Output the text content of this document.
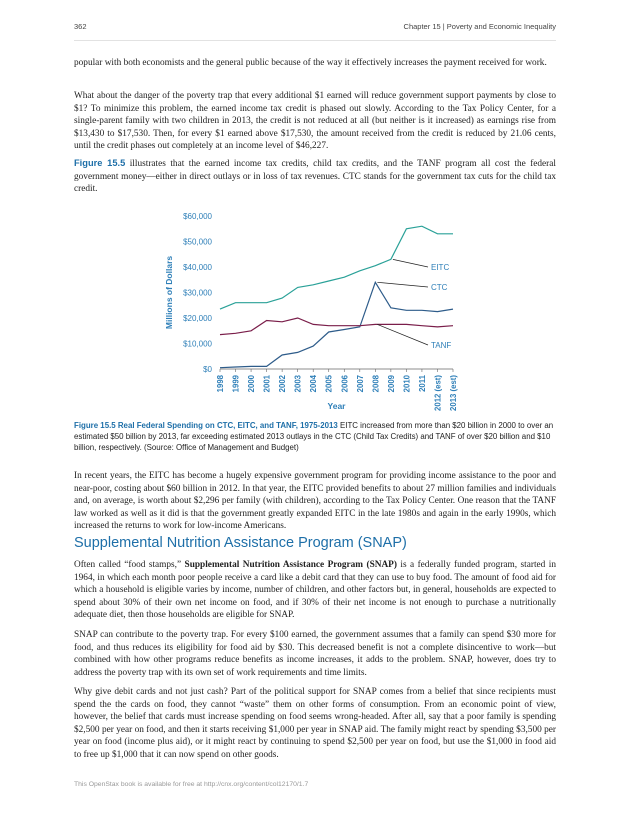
362	Chapter 15 | Poverty and Economic Inequality

popular with both economists and the general public because of the way it effectively increases the payment received for work.

What about the danger of the poverty trap that every additional $1 earned will reduce government support payments by close to $1? To minimize this problem, the earned income tax credit is phased out slowly. According to the Tax Policy Center, for a single-parent family with two children in 2013, the credit is not reduced at all (but neither is it increased) as earnings rise from $13,430 to $17,530. Then, for every $1 earned above $17,530, the amount received from the credit is reduced by 21.06 cents, until the credit phases out completely at an income level of $46,227.

Figure 15.5 illustrates that the earned income tax credits, child tax credits, and the TANF program all cost the federal government money—either in direct outlays or in loss of tax revenues. CTC stands for the government tax cuts for the child tax credit.

$0
$10,000
$20,000
$30,000
$40,000
$50,000
$60,000
1998 1999 2000 2001 2002 2003 2004 2005 2006 2007 2008 2009 2010 2011 2012 (est) 2013 (est)
EITC
CTC
TANF
Millions of Dollars
Year
Figure 15.5 Real Federal Spending on CTC, EITC, and TANF, 1975-2013 EITC increased from more than $20 billion in 2000 to over an estimated $50 billion by 2013, far exceeding estimated 2013 outlays in the CTC (Child Tax Credits) and TANF of over $20 billion and $10 billion, respectively. (Source: Office of Management and Budget)

In recent years, the EITC has become a hugely expensive government program for providing income assistance to the poor and near-poor, costing about $60 billion in 2012. In that year, the EITC provided benefits to about 27 million families and individuals and, on average, is worth about $2,296 per family (with children), according to the Tax Policy Center. One reason that the TANF law worked as well as it did is that the government greatly expanded EITC in the late 1980s and again in the early 1990s, which increased the returns to work for low-income Americans.

Supplemental Nutrition Assistance Program (SNAP)

Often called “food stamps,” Supplemental Nutrition Assistance Program (SNAP) is a federally funded program, started in 1964, in which each month poor people receive a card like a debit card that they can use to buy food. The amount of food aid for which a household is eligible varies by income, number of children, and other factors but, in general, households are expected to spend about 30% of their own net income on food, and if 30% of their net income is not enough to purchase a nutritionally adequate diet, then those households are eligible for SNAP.

SNAP can contribute to the poverty trap. For every $100 earned, the government assumes that a family can spend $30 more for food, and thus reduces its eligibility for food aid by $30. This decreased benefit is not a complete disincentive to work—but combined with how other programs reduce benefits as income increases, it adds to the problem. SNAP, however, does try to address the poverty trap with its own set of work requirements and time limits.

Why give debit cards and not just cash? Part of the political support for SNAP comes from a belief that since recipients must spend the the cards on food, they cannot “waste” them on other forms of consumption. From an economic point of view, however, the belief that cards must increase spending on food seems wrong-headed. After all, say that a poor family is spending $2,500 per year on food, and then it starts receiving $1,000 per year in SNAP aid. The family might react by spending $3,500 per year on food (income plus aid), or it might react by continuing to spend $2,500 per year on food, but use the $1,000 in food aid to free up $1,000 that it can now spend on other goods.

This OpenStax book is available for free at http://cnx.org/content/col12170/1.7
